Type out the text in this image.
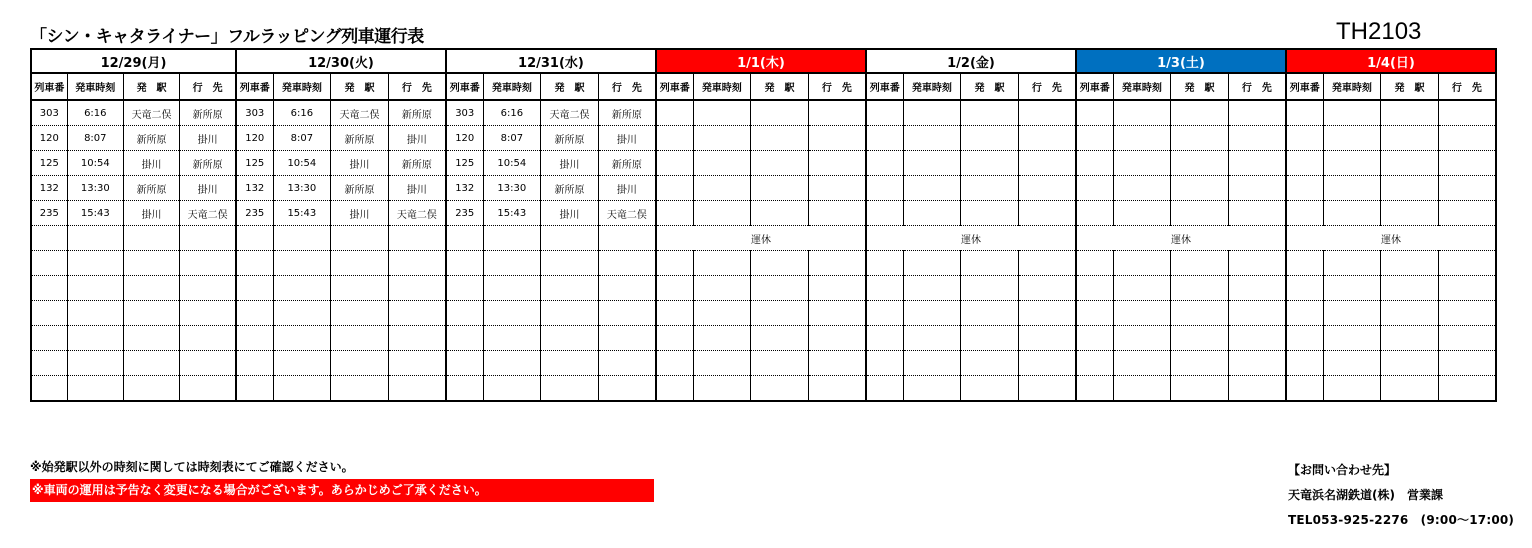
「シン・キャタライナー」フルラッピング列車運行表	TH2103
12/29(月)				12/30(火)				12/31(水)				1/1(木)				1/2(金)				1/3(土)				1/4(日)			
列車番	発車時刻	発　駅	行　先	列車番	発車時刻	発　駅	行　先	列車番	発車時刻	発　駅	行　先	列車番	発車時刻	発　駅	行　先	列車番	発車時刻	発　駅	行　先	列車番	発車時刻	発　駅	行　先	列車番	発車時刻	発　駅	行　先
303	6:16	天竜二俣	新所原	303	6:16	天竜二俣	新所原	303	6:16	天竜二俣	新所原																
120	8:07	新所原	掛川	120	8:07	新所原	掛川	120	8:07	新所原	掛川																
125	10:54	掛川	新所原	125	10:54	掛川	新所原	125	10:54	掛川	新所原																
132	13:30	新所原	掛川	132	13:30	新所原	掛川	132	13:30	新所原	掛川																
235	15:43	掛川	天竜二俣	235	15:43	掛川	天竜二俣	235	15:43	掛川	天竜二俣																
												運休				運休				運休				運休			

※始発駅以外の時刻に関しては時刻表にてご確認ください。
※車両の運用は予告なく変更になる場合がございます。あらかじめご了承ください。
【お問い合わせ先】
天竜浜名湖鉄道(株)　営業課
TEL053-925-2276　(9:00～17:00)
